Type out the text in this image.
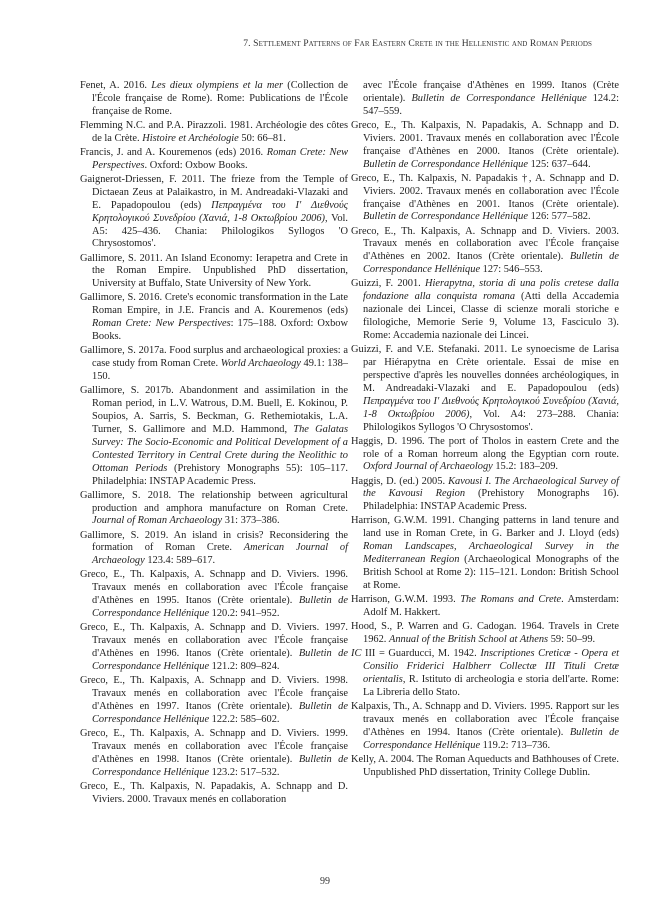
7. Settlement Patterns of Far Eastern Crete in the Hellenistic and Roman Periods

Fenet, A. 2016. Les dieux olympiens et la mer (Collection de l'École française de Rome). Rome: Publications de l'École française de Rome.

Flemming N.C. and P.A. Pirazzoli. 1981. Archéologie des côtes de la Crète. Histoire et Archéologie 50: 66–81.

Francis, J. and A. Kouremenos (eds) 2016. Roman Crete: New Perspectives. Oxford: Oxbow Books.

Gaignerot-Driessen, F. 2011. The frieze from the Temple of Dictaean Zeus at Palaikastro, in M. Andreadaki-Vlazaki and E. Papadopoulou (eds) Πεπραγμένα του Ι' Διεθνούς Κρητολογικού Συνεδρίου (Χανιά, 1-8 Οκτωβρίου 2006), Vol. A5: 425–436. Chania: Philologikos Syllogos 'O Chrysostomos'.

Gallimore, S. 2011. An Island Economy: Ierapetra and Crete in the Roman Empire. Unpublished PhD dissertation, University at Buffalo, State University of New York.

Gallimore, S. 2016. Crete's economic transformation in the Late Roman Empire, in J.E. Francis and A. Kouremenos (eds) Roman Crete: New Perspectives: 175–188. Oxford: Oxbow Books.

Gallimore, S. 2017a. Food surplus and archaeological proxies: a case study from Roman Crete. World Archaeology 49.1: 138–150.

Gallimore, S. 2017b. Abandonment and assimilation in the Roman period, in L.V. Watrous, D.M. Buell, E. Kokinou, P. Soupios, A. Sarris, S. Beckman, G. Rethemiotakis, L.A. Turner, S. Gallimore and M.D. Hammond, The Galatas Survey: The Socio-Economic and Political Development of a Contested Territory in Central Crete during the Neolithic to Ottoman Periods (Prehistory Monographs 55): 105–117. Philadelphia: INSTAP Academic Press.

Gallimore, S. 2018. The relationship between agricultural production and amphora manufacture on Roman Crete. Journal of Roman Archaeology 31: 373–386.

Gallimore, S. 2019. An island in crisis? Reconsidering the formation of Roman Crete. American Journal of Archaeology 123.4: 589–617.

Greco, E., Th. Kalpaxis, A. Schnapp and D. Viviers. 1996. Travaux menés en collaboration avec l'École française d'Athènes en 1995. Itanos (Crète orientale). Bulletin de Correspondance Hellénique 120.2: 941–952.

Greco, E., Th. Kalpaxis, A. Schnapp and D. Viviers. 1997. Travaux menés en collaboration avec l'École française d'Athènes en 1996. Itanos (Crète orientale). Bulletin de Correspondance Hellénique 121.2: 809–824.

Greco, E., Th. Kalpaxis, A. Schnapp and D. Viviers. 1998. Travaux menés en collaboration avec l'École française d'Athènes en 1997. Itanos (Crète orientale). Bulletin de Correspondance Hellénique 122.2: 585–602.

Greco, E., Th. Kalpaxis, A. Schnapp and D. Viviers. 1999. Travaux menés en collaboration avec l'École française d'Athènes en 1998. Itanos (Crète orientale). Bulletin de Correspondance Hellénique 123.2: 517–532.

Greco, E., Th. Kalpaxis, N. Papadakis, A. Schnapp and D. Viviers. 2000. Travaux menés en collaboration

avec l'École française d'Athènes en 1999. Itanos (Crète orientale). Bulletin de Correspondance Hellénique 124.2: 547–559.

Greco, E., Th. Kalpaxis, N. Papadakis, A. Schnapp and D. Viviers. 2001. Travaux menés en collaboration avec l'École française d'Athènes en 2000. Itanos (Crète orientale). Bulletin de Correspondance Hellénique 125: 637–644.

Greco, E., Th. Kalpaxis, N. Papadakis †, A. Schnapp and D. Viviers. 2002. Travaux menés en collaboration avec l'École française d'Athènes en 2001. Itanos (Crète orientale). Bulletin de Correspondance Hellénique 126: 577–582.

Greco, E., Th. Kalpaxis, A. Schnapp and D. Viviers. 2003. Travaux menés en collaboration avec l'École française d'Athènes en 2002. Itanos (Crète orientale). Bulletin de Correspondance Hellénique 127: 546–553.

Guizzi, F. 2001. Hierapytna, storia di una polis cretese dalla fondazione alla conquista romana (Atti della Accademia nazionale dei Lincei, Classe di scienze morali storiche e filologiche, Memorie Serie 9, Volume 13, Fasciculo 3). Rome: Accademia nazionale dei Lincei.

Guizzi, F. and V.E. Stefanaki. 2011. Le synoecisme de Larisa par Hiérapytna en Crète orientale. Essai de mise en perspective d'après les nouvelles données archéologiques, in M. Andreadaki-Vlazaki and E. Papadopoulou (eds) Πεπραγμένα του Ι' Διεθνούς Κρητολογικού Συνεδρίου (Χανιά, 1-8 Οκτωβρίου 2006), Vol. A4: 273–288. Chania: Philologikos Syllogos 'O Chrysostomos'.

Haggis, D. 1996. The port of Tholos in eastern Crete and the role of a Roman horreum along the Egyptian corn route. Oxford Journal of Archaeology 15.2: 183–209.

Haggis, D. (ed.) 2005. Kavousi I. The Archaeological Survey of the Kavousi Region (Prehistory Monographs 16). Philadelphia: INSTAP Academic Press.

Harrison, G.W.M. 1991. Changing patterns in land tenure and land use in Roman Crete, in G. Barker and J. Lloyd (eds) Roman Landscapes, Archaeological Survey in the Mediterranean Region (Archaeological Monographs of the British School at Rome 2): 115–121. London: British School at Rome.

Harrison, G.W.M. 1993. The Romans and Crete. Amsterdam: Adolf M. Hakkert.

Hood, S., P. Warren and G. Cadogan. 1964. Travels in Crete 1962. Annual of the British School at Athens 59: 50–99.

IC III = Guarducci, M. 1942. Inscriptiones Creticæ - Opera et Consilio Friderici Halbherr Collectæ III Tituli Cretæ orientalis, R. Istituto di archeologia e storia dell'arte. Rome: La Libreria dello Stato.

Kalpaxis, Th., A. Schnapp and D. Viviers. 1995. Rapport sur les travaux menés en collaboration avec l'École française d'Athènes en 1994. Itanos (Crète orientale). Bulletin de Correspondance Hellénique 119.2: 713–736.

Kelly, A. 2004. The Roman Aqueducts and Bathhouses of Crete. Unpublished PhD dissertation, Trinity College Dublin.

99
